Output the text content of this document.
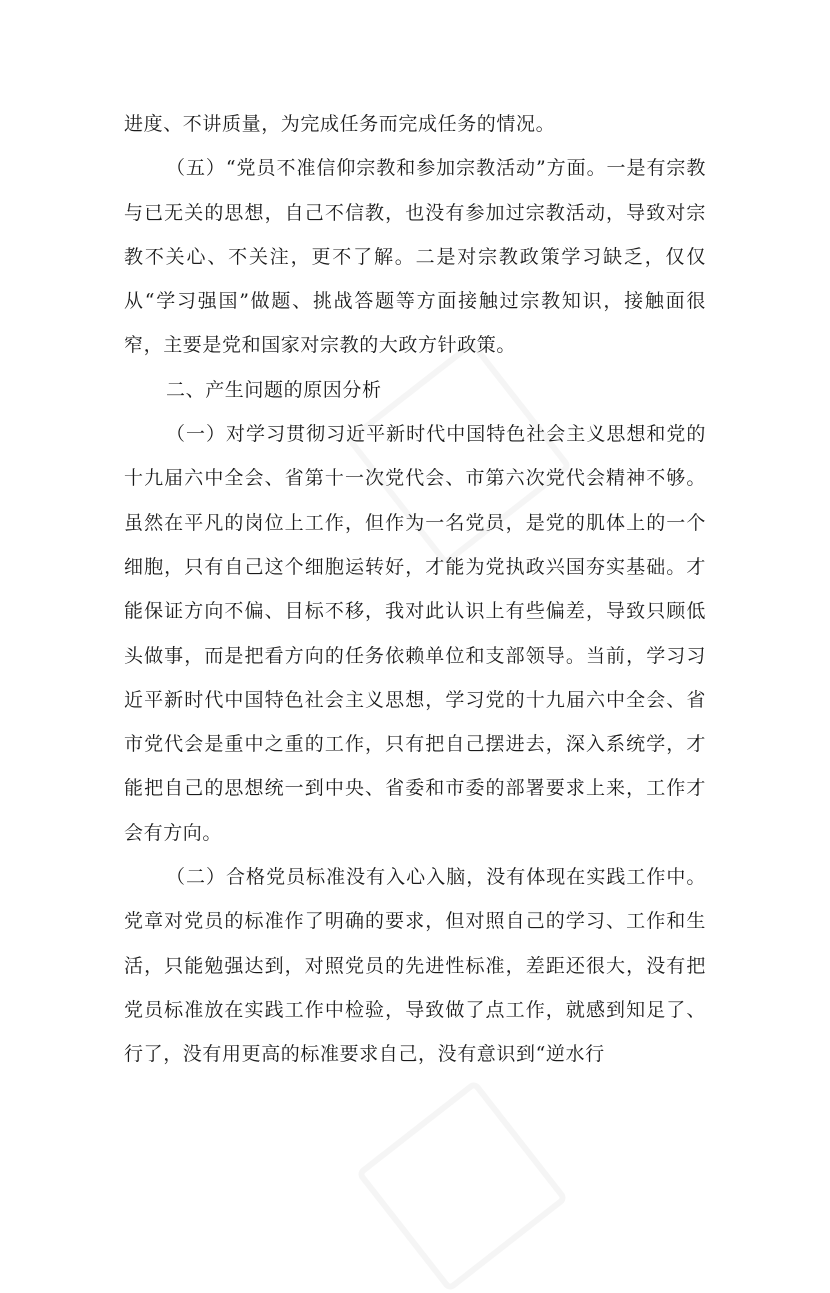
进度、不讲质量，为完成任务而完成任务的情况。

（五）“党员不准信仰宗教和参加宗教活动”方面。一是有宗教与已无关的思想，自己不信教，也没有参加过宗教活动，导致对宗教不关心、不关注，更不了解。二是对宗教政策学习缺乏，仅仅从“学习强国”做题、挑战答题等方面接触过宗教知识，接触面很窄，主要是党和国家对宗教的大政方针政策。

二、产生问题的原因分析

（一）对学习贯彻习近平新时代中国特色社会主义思想和党的十九届六中全会、省第十一次党代会、市第六次党代会精神不够。虽然在平凡的岗位上工作，但作为一名党员，是党的肌体上的一个细胞，只有自己这个细胞运转好，才能为党执政兴国夯实基础。才能保证方向不偏、目标不移，我对此认识上有些偏差，导致只顾低头做事，而是把看方向的任务依赖单位和支部领导。当前，学习习近平新时代中国特色社会主义思想，学习党的十九届六中全会、省市党代会是重中之重的工作，只有把自己摆进去，深入系统学，才能把自己的思想统一到中央、省委和市委的部署要求上来，工作才会有方向。

（二）合格党员标准没有入心入脑，没有体现在实践工作中。党章对党员的标准作了明确的要求，但对照自己的学习、工作和生活，只能勉强达到，对照党员的先进性标准，差距还很大，没有把党员标准放在实践工作中检验，导致做了点工作，就感到知足了、行了，没有用更高的标准要求自己，没有意识到“逆水行
